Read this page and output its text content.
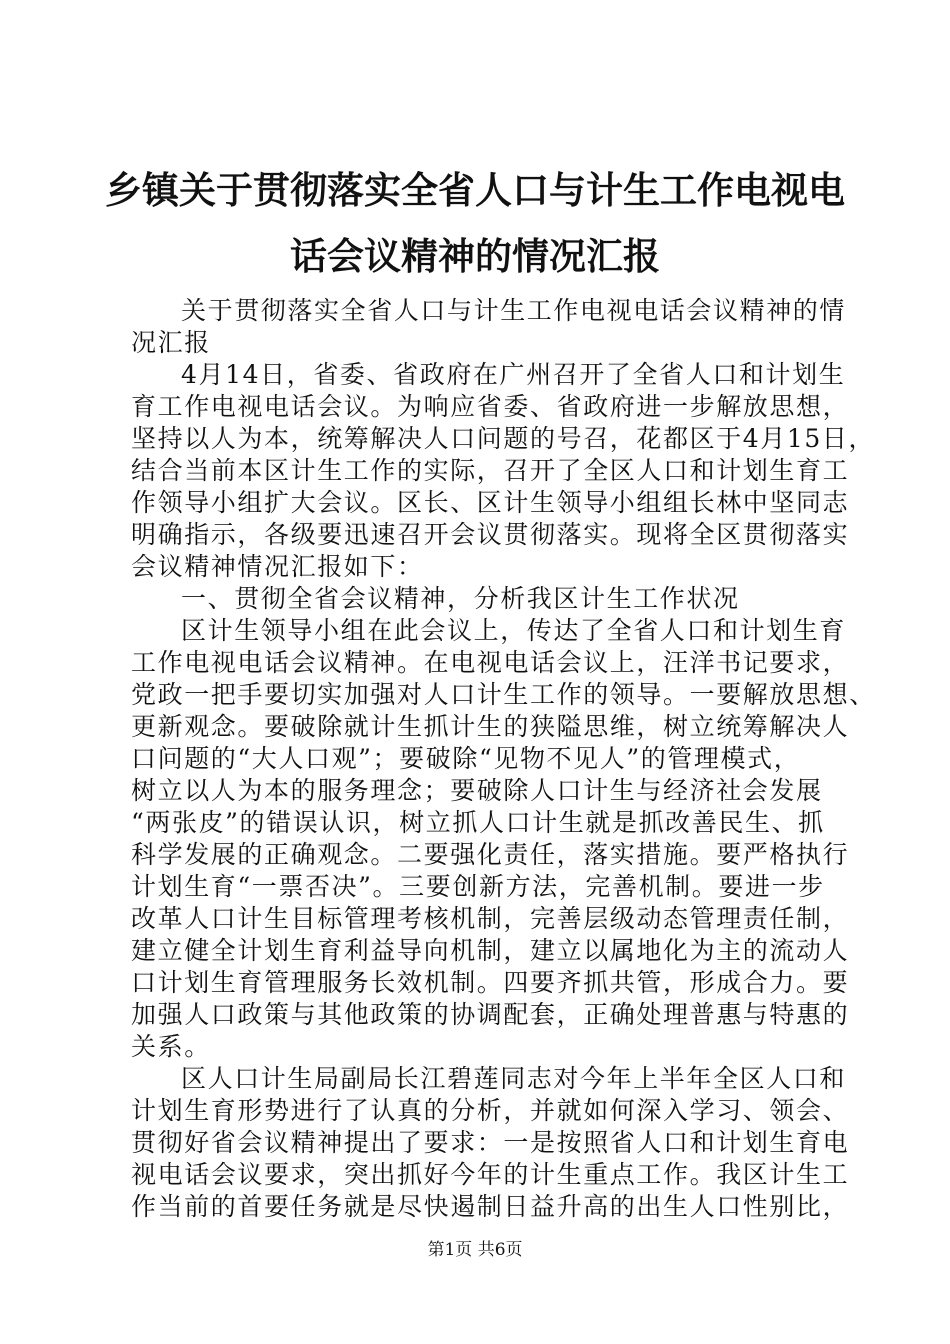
乡镇关于贯彻落实全省人口与计生工作电视电
话会议精神的情况汇报
关于贯彻落实全省人口与计生工作电视电话会议精神的情
况汇报
4月14日，省委、省政府在广州召开了全省人口和计划生
育工作电视电话会议。为响应省委、省政府进一步解放思想，
坚持以人为本，统筹解决人口问题的号召，花都区于4月15日，
结合当前本区计生工作的实际，召开了全区人口和计划生育工
作领导小组扩大会议。区长、区计生领导小组组长林中坚同志
明确指示，各级要迅速召开会议贯彻落实。现将全区贯彻落实
会议精神情况汇报如下：
一、贯彻全省会议精神，分析我区计生工作状况
区计生领导小组在此会议上，传达了全省人口和计划生育
工作电视电话会议精神。在电视电话会议上，汪洋书记要求，
党政一把手要切实加强对人口计生工作的领导。一要解放思想、
更新观念。要破除就计生抓计生的狭隘思维，树立统筹解决人
口问题的“大人口观”；要破除“见物不见人”的管理模式，
树立以人为本的服务理念；要破除人口计生与经济社会发展
“两张皮”的错误认识，树立抓人口计生就是抓改善民生、抓
科学发展的正确观念。二要强化责任，落实措施。要严格执行
计划生育“一票否决”。三要创新方法，完善机制。要进一步
改革人口计生目标管理考核机制，完善层级动态管理责任制，
建立健全计划生育利益导向机制，建立以属地化为主的流动人
口计划生育管理服务长效机制。四要齐抓共管，形成合力。要
加强人口政策与其他政策的协调配套，正确处理普惠与特惠的
关系。
区人口计生局副局长江碧莲同志对今年上半年全区人口和
计划生育形势进行了认真的分析，并就如何深入学习、领会、
贯彻好省会议精神提出了要求：一是按照省人口和计划生育电
视电话会议要求，突出抓好今年的计生重点工作。我区计生工
作当前的首要任务就是尽快遏制日益升高的出生人口性别比，
第1页 共6页
